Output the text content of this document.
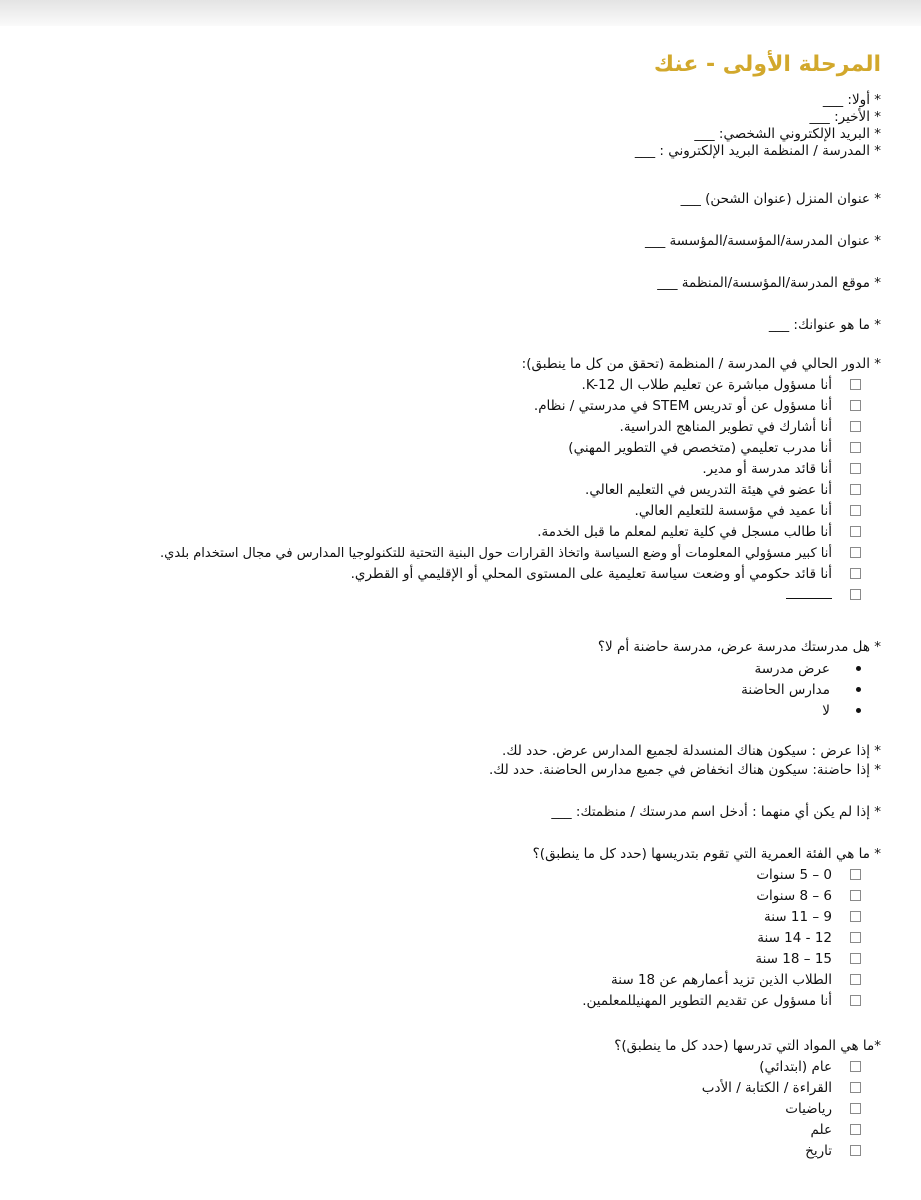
المرحلة الأولى - عنك
* أولا: ___
* الأخير: ___
* البريد الإلكتروني الشخصي: ___
* المدرسة / المنظمة البريد الإلكتروني : ___
* عنوان المنزل (عنوان الشحن) ___
* عنوان المدرسة/المؤسسة/المؤسسة ___
* موقع المدرسة/المؤسسة/المنظمة ___
* ما هو عنوانك: ___
* الدور الحالي في المدرسة / المنظمة (تحقق من كل ما ينطبق):
أنا مسؤول مباشرة عن تعليم طلاب ال K-12.
أنا مسؤول عن أو تدريس STEM في مدرستي / نظام.
أنا أشارك في تطوير المناهج الدراسية.
أنا مدرب تعليمي (متخصص في التطوير المهني)
أنا قائد مدرسة أو مدير.
أنا عضو في هيئة التدريس في التعليم العالي.
أنا عميد في مؤسسة للتعليم العالي.
أنا طالب مسجل في كلية تعليم لمعلم ما قبل الخدمة.
أنا كبير مسؤولي المعلومات أو وضع السياسة واتخاذ القرارات حول البنية التحتية للتكنولوجيا المدارس في مجال استخدام بلدي.
أنا قائد حكومي أو وضعت سياسة تعليمية على المستوى المحلي أو الإقليمي أو القطري.
* هل مدرستك مدرسة عرض، مدرسة حاضنة أم لا؟
عرض مدرسة
مدارس الحاضنة
لا
* إذا عرض : سيكون هناك المنسدلة لجميع المدارس عرض. حدد لك.
* إذا حاضنة: سيكون هناك انخفاض في جميع مدارس الحاضنة. حدد لك.
* إذا لم يكن أي منهما : أدخل اسم مدرستك / منظمتك: ___
* ما هي الفئة العمرية التي تقوم بتدريسها (حدد كل ما ينطبق)؟
0 – 5 سنوات
6 – 8 سنوات
9 – 11 سنة
12 - 14 سنة
15 – 18 سنة
الطلاب الذين تزيد أعمارهم عن 18 سنة
أنا مسؤول عن تقديم التطوير المهنيللمعلمين.
*ما هي المواد التي تدرسها (حدد كل ما ينطبق)؟
عام (ابتدائي)
القراءة / الكتابة / الأدب
رياضيات
علم
تاريخ
